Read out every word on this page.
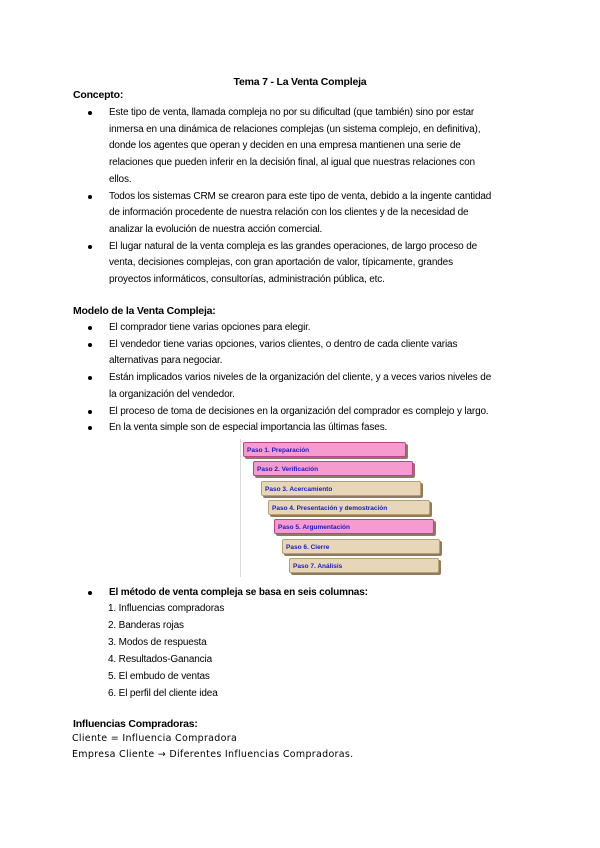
Tema 7 - La Venta Compleja
Concepto:
Este tipo de venta, llamada compleja no por su dificultad (que también) sino por estar
inmersa en una dinámica de relaciones complejas (un sistema complejo, en definitiva),
donde los agentes que operan y deciden en una empresa mantienen una serie de
relaciones que pueden inferir en la decisión final, al igual que nuestras relaciones con
ellos.
Todos los sistemas CRM se crearon para este tipo de venta, debido a la ingente cantidad
de información procedente de nuestra relación con los clientes y de la necesidad de
analizar la evolución de nuestra acción comercial.
El lugar natural de la venta compleja es las grandes operaciones, de largo proceso de
venta, decisiones complejas, con gran aportación de valor, típicamente, grandes
proyectos informáticos, consultorías, administración pública, etc.
Modelo de la Venta Compleja:
El comprador tiene varias opciones para elegir.
El vendedor tiene varias opciones, varios clientes, o dentro de cada cliente varias
alternativas para negociar.
Están implicados varios niveles de la organización del cliente, y a veces varios niveles de
la organización del vendedor.
El proceso de toma de decisiones en la organización del comprador es complejo y largo.
En la venta simple son de especial importancia las últimas fases.
Paso 1. Preparación
Paso 2. Verificación
Paso 3. Acercamiento
Paso 4. Presentación y demostración
Paso 5. Argumentación
Paso 6. Cierre
Paso 7. Análisis
El método de venta compleja se basa en seis columnas:
1. Influencias compradoras
2. Banderas rojas
3. Modos de respuesta
4. Resultados-Ganancia
5. El embudo de ventas
6. El perfil del cliente idea
Influencias Compradoras:
Cliente = Influencia Compradora
Empresa Cliente → Diferentes Influencias Compradoras.
